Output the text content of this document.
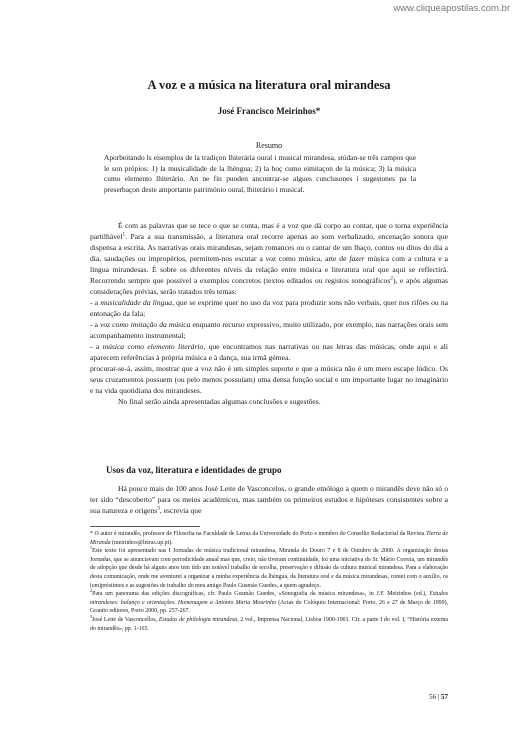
www.cliqueapostilas.com.br
A voz e a música na literatura oral mirandesa
José Francisco Meirinhos*
Resumo

Aporbeitando ls eisemplos de la tradiçon lhiterária oural i musical mirandesa, stúdan-se três campos que le son própios: 1) la musicalidade de la lhéngua; 2) la boç cumo eimitaçon de la música; 3) la música cumo elemento lhiterário. An ne fin puoden ancuntrar-se algues cunclusones i sugestones pa la preserbaçon deste amportante património oural, lhiterário i musical.

É com as palavras que se tece o que se conta, mas é a voz que dá corpo ao contar, que o torna experiência partilhável$^1$. Para a sua transmissão, a literatura oral recorre apenas ao som verbalizado, encenação sonora que dispensa a escrita. As narrativas orais mirandesas, sejam romances ou o cantar de um lhaço, contos ou ditos do dia a dia, saudações ou impropérios, permitem-nos escutar a voz como música, arte de fazer música com a cultura e a língua mirandesas. É sobre os diferentes níveis da relação entre música e literatura oral que aqui se reflectirá. Recorrendo sempre que possível a exemplos concretos (textos editados ou registos sonográficos$^2$), e após algumas considerações prévias, serão tratados três temas:

- a musicalidade da língua, que se exprime quer no uso da voz para produzir sons não verbais, quer nos rifões ou na entonação da fala;

- a voz como imitação da música enquanto recurso expressivo, muito utilizado, por exemplo, nas narrações orais sem acompanhamento instrumental;

- a música como elemento literário, que encontramos nas narrativas ou nas letras das músicas, onde aqui e ali aparecem referências à própria música e à dança, sua irmã gémea.

procurar-se-á, assim, mostrar que a voz não é um simples suporte e que a música não é um mero escape lúdico. Os seus cruzamentos possuem (ou pelo menos possuíam) uma densa função social e um importante lugar no imaginário e na vida quotidiana dos mirandeses.

No final serão ainda apresentadas algumas conclusões e sugestões.

Usos da voz, literatura e identidades de grupo

Há pouco mais de 100 anos José Leite de Vasconcelos, o grande etnólogo a quem o mirandês deve não só o ter sido “descoberto” para os meios académicos, mas também os primeiros estudos e hipóteses consistentes sobre a sua natureza e origens$^3$, escrevia que

* O autor é mirandês, professor de Filosofia na Faculdade de Letras da Universidade do Porto e membro do Conselho Redactorial da Revista Tierra de Miranda (meirinhos@letras.up.pt).

$^1$Este texto foi apresentado nas I Jornadas de música tradicional mirandesa, Miranda do Douro 7 e 8 de Outubro de 2000. A organização destas Jornadas, que se anunciavam com periodicidade anual mas que, creio, não tiveram continuidade, foi uma iniciativa do Sr. Mário Correia, um mirandês de adopção que desde há alguns anos tem tido um notável trabalho de recolha, preservação e difusão da cultura musical mirandesa. Para a elaboração desta comunicação, onde me aventurei a organizar a minha experiência da lhéngua, da literatura oral e da música mirandesas, contei com o auxílio, os (em)préstimos e as sugestões de trabalho do meu amigo Paulo Gusmão Guedes, a quem agradeço.

$^2$Para um panorama das edições discográficas, cfr. Paulo Gusmão Guedes, «Sonografia da música mirandesa», in J.F. Meirinhos (ed.), Estudos mirandeses: balanço e orientações. Homenagem a António Maria Mourinho (Actas do Colóquio Internacional: Porto, 26 e 27 de Março de 1999), Granito editores, Porto 2000, pp. 257-267.

$^3$José Leite de Vasconcellos, Estudos de philologia mirandesa, 2 vol., Imprensa Nacional, Lisboa 1900-1901. Cfr. a parte I do vol. I, “História externa do mirandês», pp. 1-165.

56 | 57
